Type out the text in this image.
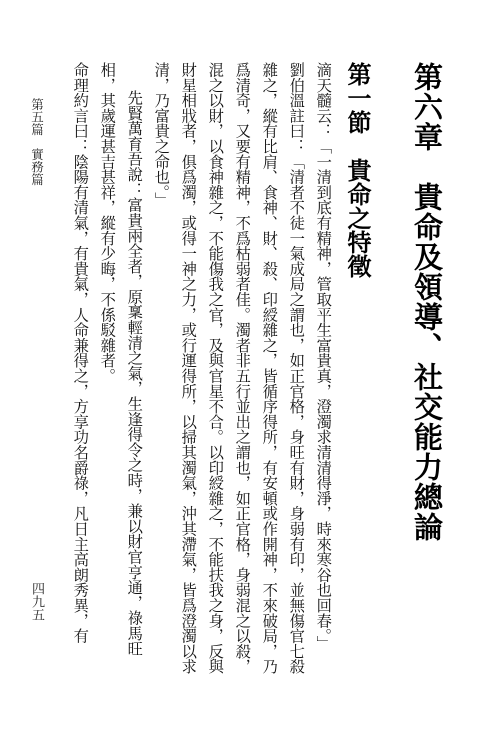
第六章　貴命及領導、社交能力總論
第一節　貴命之特徵
滴天髓云：「一清到底有精神，管取平生富貴真，澄濁求清清得淨，時來寒谷也回春。」
劉伯溫註曰：「清者不徒一氣成局之謂也，如正官格，身旺有財，身弱有印，並無傷官七殺
雜之，縱有比肩、食神、財、殺、印綬雜之，皆循序得所，有安頓或作開神，不來破局，乃
爲清奇，又要有精神，不爲枯弱者佳。濁者非五行並出之謂也，如正官格，身弱混之以殺，
混之以財，以食神雜之，不能傷我之官，及與官星不合。以印綬雜之，不能扶我之身，反與
財星相戕者，俱爲濁，或得一神之力，或行運得所，以掃其濁氣，沖其滯氣，皆爲澄濁以求
清，乃富貴之命也。」
先賢萬育吾說：富貴兩全者，原稟輕清之氣，生逢得令之時，兼以財官亨通，祿馬旺
相，其歲運甚吉甚祥，縱有少晦，不係駁雜者。
命理約言曰：陰陽有清氣，有貴氣，人命兼得之，方享功名爵祿，凡日主高朗秀異，有
第五篇　實務篇
四九五
